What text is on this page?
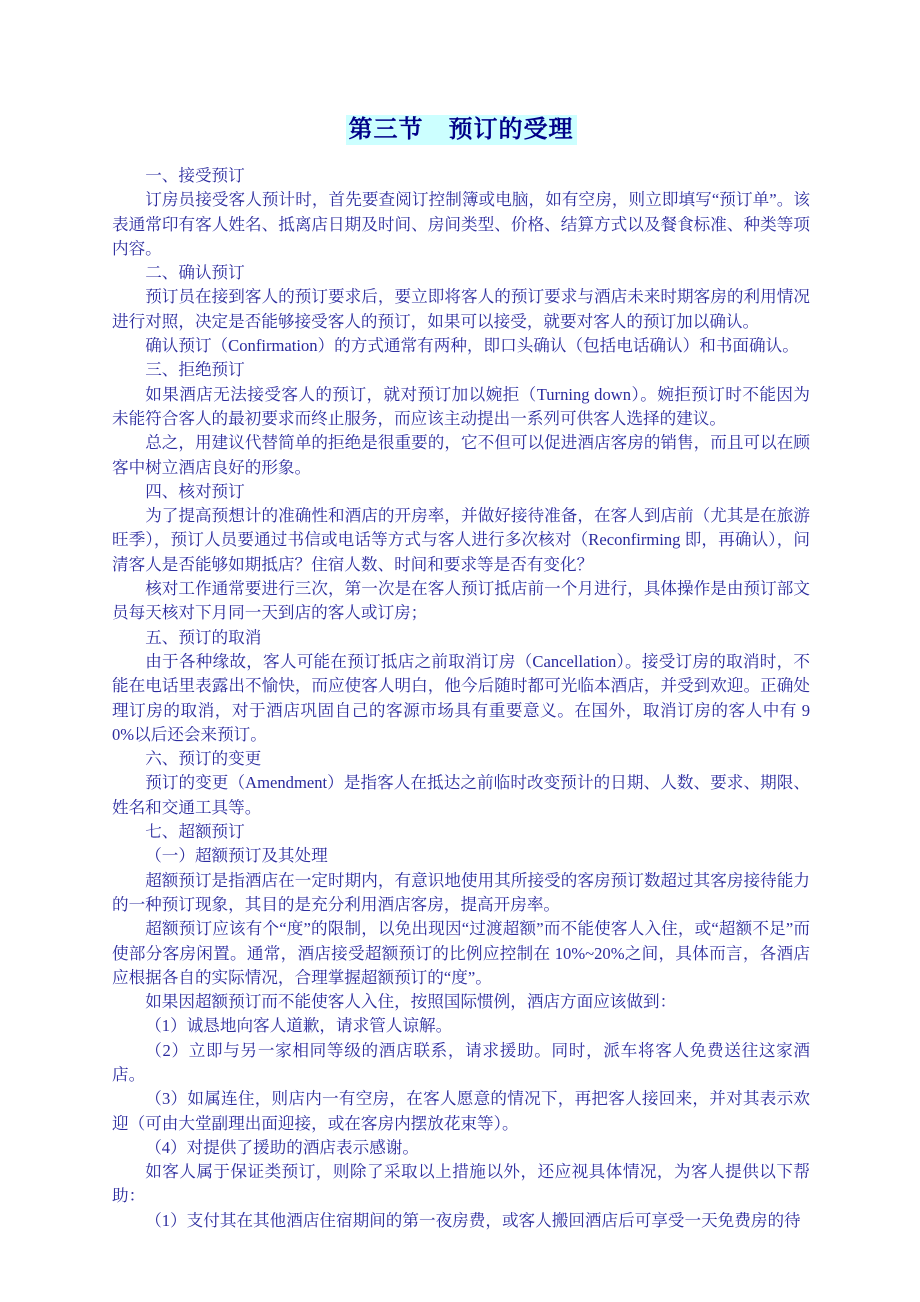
第三节　预订的受理

一、接受预订

订房员接受客人预计时，首先要查阅订控制簿或电脑，如有空房，则立即填写“预订单”。该表通常印有客人姓名、抵离店日期及时间、房间类型、价格、结算方式以及餐食标准、种类等项内容。

二、确认预订

预订员在接到客人的预订要求后，要立即将客人的预订要求与酒店未来时期客房的利用情况进行对照，决定是否能够接受客人的预订，如果可以接受，就要对客人的预订加以确认。

确认预订（Confirmation）的方式通常有两种，即口头确认（包括电话确认）和书面确认。

三、拒绝预订

如果酒店无法接受客人的预订，就对预订加以婉拒（Turning down）。婉拒预订时不能因为未能符合客人的最初要求而终止服务，而应该主动提出一系列可供客人选择的建议。

总之，用建议代替简单的拒绝是很重要的，它不但可以促进酒店客房的销售，而且可以在顾客中树立酒店良好的形象。

四、核对预订

为了提高预想计的准确性和酒店的开房率，并做好接待准备，在客人到店前（尤其是在旅游旺季），预订人员要通过书信或电话等方式与客人进行多次核对（Reconfirming 即，再确认），问清客人是否能够如期抵店？住宿人数、时间和要求等是否有变化？

核对工作通常要进行三次，第一次是在客人预订抵店前一个月进行，具体操作是由预订部文员每天核对下月同一天到店的客人或订房；

五、预订的取消

由于各种缘故，客人可能在预订抵店之前取消订房（Cancellation）。接受订房的取消时，不能在电话里表露出不愉快，而应使客人明白，他今后随时都可光临本酒店，并受到欢迎。正确处理订房的取消，对于酒店巩固自己的客源市场具有重要意义。在国外，取消订房的客人中有 90%以后还会来预订。

六、预订的变更

预订的变更（Amendment）是指客人在抵达之前临时改变预计的日期、人数、要求、期限、姓名和交通工具等。

七、超额预订

（一）超额预订及其处理

超额预订是指酒店在一定时期内，有意识地使用其所接受的客房预订数超过其客房接待能力的一种预订现象，其目的是充分利用酒店客房，提高开房率。

超额预订应该有个“度”的限制，以免出现因“过渡超额”而不能使客人入住，或“超额不足”而使部分客房闲置。通常，酒店接受超额预订的比例应控制在 10%~20%之间，具体而言，各酒店应根据各自的实际情况，合理掌握超额预订的“度”。

如果因超额预订而不能使客人入住，按照国际惯例，酒店方面应该做到：

（1）诚恳地向客人道歉，请求管人谅解。

（2）立即与另一家相同等级的酒店联系，请求援助。同时，派车将客人免费送往这家酒店。

（3）如属连住，则店内一有空房，在客人愿意的情况下，再把客人接回来，并对其表示欢迎（可由大堂副理出面迎接，或在客房内摆放花束等）。

（4）对提供了援助的酒店表示感谢。

如客人属于保证类预订，则除了采取以上措施以外，还应视具体情况，为客人提供以下帮助：

（1）支付其在其他酒店住宿期间的第一夜房费，或客人搬回酒店后可享受一天免费房的待
